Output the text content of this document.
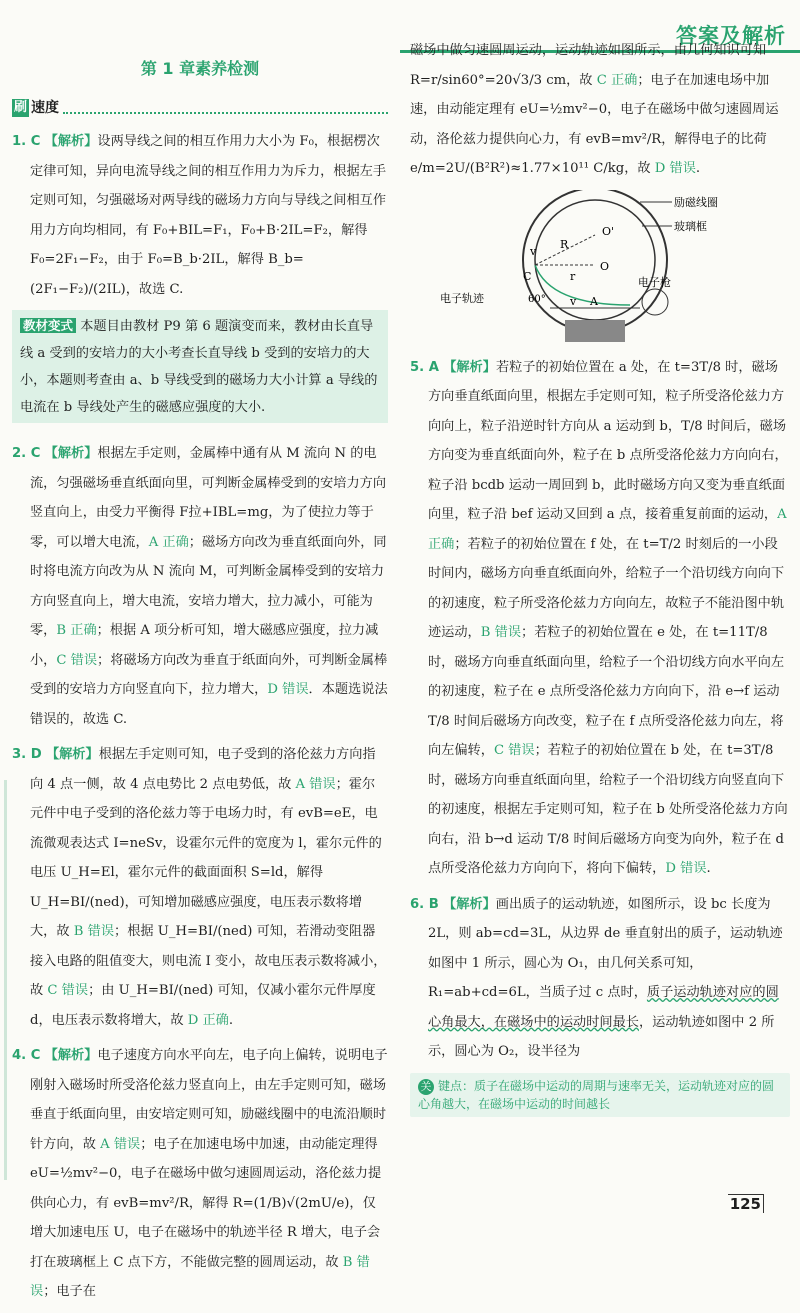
答案及解析
第 1 章素养检测
刷 速度

1. C 【解析】设两导线之间的相互作用力大小为 F₀，根据楞次定律可知，异向电流导线之间的相互作用力为斥力，根据左手定则可知，匀强磁场对两导线的磁场力方向与导线之间相互作用力方向均相同，有 F₀+BIL=F₁，F₀+B·2IL=F₂，解得 F₀=2F₁−F₂，由于 F₀=B_b·2IL，解得 B_b=(2F₁−F₂)/(2IL)，故选 C.

教材变式 本题目由教材 P9 第 6 题演变而来，教材由长直导线 a 受到的安培力的大小考查长直导线 b 受到的安培力的大小，本题则考查由 a、b 导线受到的磁场力大小计算 a 导线的电流在 b 导线处产生的磁感应强度的大小.

2. C 【解析】根据左手定则，金属棒中通有从 M 流向 N 的电流，匀强磁场垂直纸面向里，可判断金属棒受到的安培力方向竖直向上，由受力平衡得 F拉+IBL=mg，为了使拉力等于零，可以增大电流，A 正确；磁场方向改为垂直纸面向外，同时将电流方向改为从 N 流向 M，可判断金属棒受到的安培力方向竖直向上，增大电流，安培力增大，拉力减小，可能为零，B 正确；根据 A 项分析可知，增大磁感应强度，拉力减小，C 错误；将磁场方向改为垂直于纸面向外，可判断金属棒受到的安培力方向竖直向下，拉力增大，D 错误．本题选说法错误的，故选 C.

3. D 【解析】根据左手定则可知，电子受到的洛伦兹力方向指向 4 点一侧，故 4 点电势比 2 点电势低，故 A 错误；霍尔元件中电子受到的洛伦兹力等于电场力时，有 evB=eE，电流微观表达式 I=neSv，设霍尔元件的宽度为 l，霍尔元件的电压 U_H=El，霍尔元件的截面面积 S=ld，解得 U_H=BI/(ned)，可知增加磁感应强度，电压表示数将增大，故 B 错误；根据 U_H=BI/(ned) 可知，若滑动变阻器接入电路的阻值变大，则电流 I 变小，故电压表示数将减小，故 C 错误；由 U_H=BI/(ned) 可知，仅减小霍尔元件厚度 d，电压表示数将增大，故 D 正确.

4. C 【解析】电子速度方向水平向左，电子向上偏转，说明电子刚射入磁场时所受洛伦兹力竖直向上，由左手定则可知，磁场垂直于纸面向里，由安培定则可知，励磁线圈中的电流沿顺时针方向，故 A 错误；电子在加速电场中加速，由动能定理得 eU=½mv²−0，电子在磁场中做匀速圆周运动，洛伦兹力提供向心力，有 evB=mv²/R，解得 R=(1/B)√(2mU/e)，仅增大加速电压 U，电子在磁场中的轨迹半径 R 增大，电子会打在玻璃框上 C 点下方，不能做完整的圆周运动，故 B 错误；电子在

磁场中做匀速圆周运动，运动轨迹如图所示，由几何知识可知 R=r/sin60°=20√3/3 cm，故 C 正确；电子在加速电场中加速，由动能定理有 eU=½mv²−0，电子在磁场中做匀速圆周运动，洛伦兹力提供向心力，有 evB=mv²/R，解得电子的比荷 e/m=2U/(B²R²)≈1.77×10¹¹ C/kg，故 D 错误.

v
C
O'
R
r
O
60° v A
励磁线圈
玻璃框
电子轨迹
电子枪

5. A 【解析】若粒子的初始位置在 a 处，在 t=3T/8 时，磁场方向垂直纸面向里，根据左手定则可知，粒子所受洛伦兹力方向向上，粒子沿逆时针方向从 a 运动到 b，T/8 时间后，磁场方向变为垂直纸面向外，粒子在 b 点所受洛伦兹力方向向右，粒子沿 bcdb 运动一周回到 b，此时磁场方向又变为垂直纸面向里，粒子沿 bef 运动又回到 a 点，接着重复前面的运动，A 正确；若粒子的初始位置在 f 处，在 t=T/2 时刻后的一小段时间内，磁场方向垂直纸面向外，给粒子一个沿切线方向向下的初速度，粒子所受洛伦兹力方向向左，故粒子不能沿图中轨迹运动，B 错误；若粒子的初始位置在 e 处，在 t=11T/8 时，磁场方向垂直纸面向里，给粒子一个沿切线方向水平向左的初速度，粒子在 e 点所受洛伦兹力方向向下，沿 e→f 运动 T/8 时间后磁场方向改变，粒子在 f 点所受洛伦兹力向左，将向左偏转，C 错误；若粒子的初始位置在 b 处，在 t=3T/8 时，磁场方向垂直纸面向里，给粒子一个沿切线方向竖直向下的初速度，根据左手定则可知，粒子在 b 处所受洛伦兹力方向向右，沿 b→d 运动 T/8 时间后磁场方向变为向外，粒子在 d 点所受洛伦兹力方向向下，将向下偏转，D 错误.

6. B 【解析】画出质子的运动轨迹，如图所示，设 bc 长度为 2L，则 ab=cd=3L，从边界 de 垂直射出的质子，运动轨迹如图中 1 所示，圆心为 O₁，由几何关系可知，R₁=ab+cd=6L，当质子过 c 点时，质子运动轨迹对应的圆心角最大，在磁场中的运动时间最长，运动轨迹如图中 2 所示，圆心为 O₂，设半径为

关 键点：质子在磁场中运动的周期与速率无关，运动轨迹对应的圆心角越大，在磁场中运动的时间越长
125
